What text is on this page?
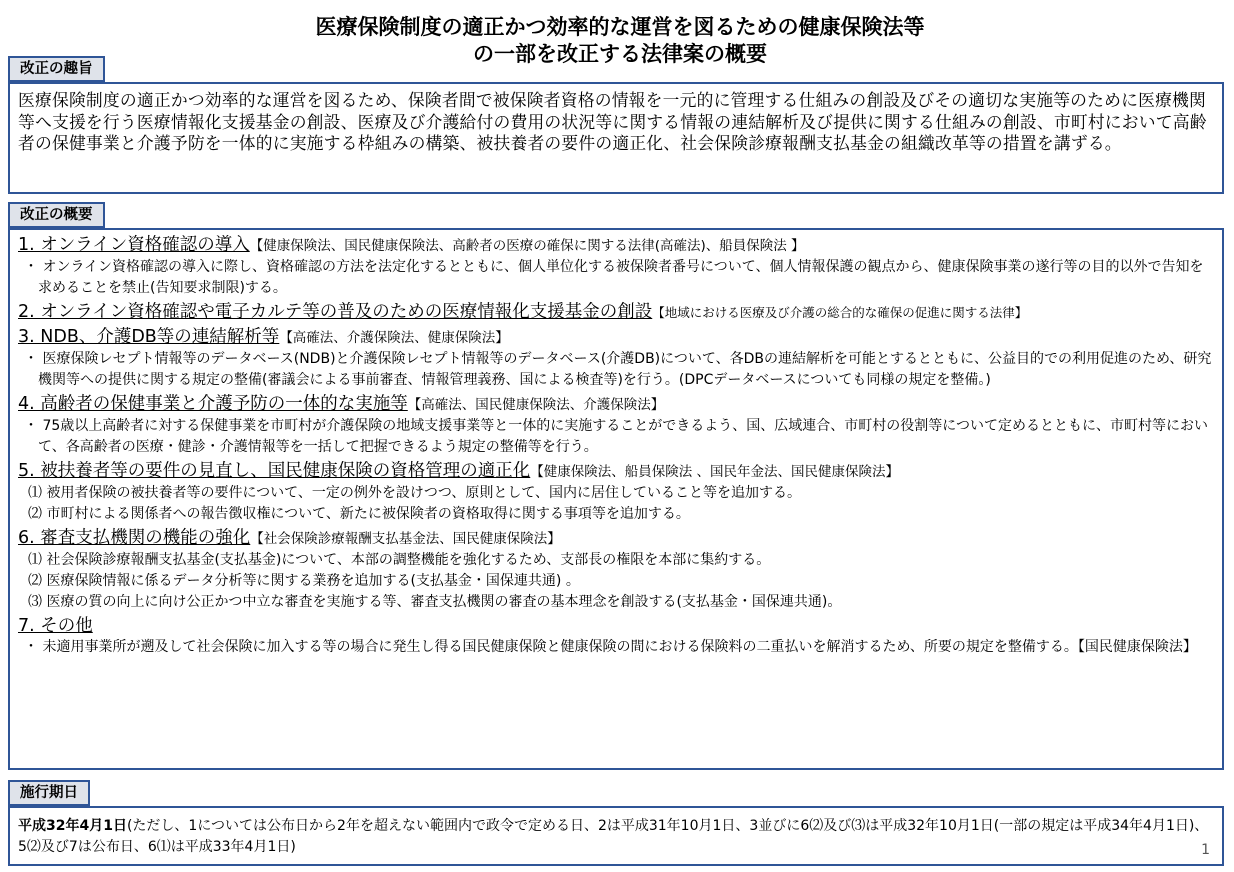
医療保険制度の適正かつ効率的な運営を図るための健康保険法等
の一部を改正する法律案の概要
改正の趣旨
医療保険制度の適正かつ効率的な運営を図るため、保険者間で被保険者資格の情報を一元的に管理する仕組みの創設及びその適切な実施等のために医療機関等へ支援を行う医療情報化支援基金の創設、医療及び介護給付の費用の状況等に関する情報の連結解析及び提供に関する仕組みの創設、市町村において高齢者の保健事業と介護予防を一体的に実施する枠組みの構築、被扶養者の要件の適正化、社会保険診療報酬支払基金の組織改革等の措置を講ずる。
改正の概要
1. オンライン資格確認の導入【健康保険法、国民健康保険法、高齢者の医療の確保に関する法律(高確法)、船員保険法 】
・ オンライン資格確認の導入に際し、資格確認の方法を法定化するとともに、個人単位化する被保険者番号について、個人情報保護の観点から、健康保険事業の遂行等の目的以外で告知を求めることを禁止(告知要求制限)する。
2. オンライン資格確認や電子カルテ等の普及のための医療情報化支援基金の創設【地域における医療及び介護の総合的な確保の促進に関する法律】
3. NDB、介護DB等の連結解析等【高確法、介護保険法、健康保険法】
・ 医療保険レセプト情報等のデータベース(NDB)と介護保険レセプト情報等のデータベース(介護DB)について、各DBの連結解析を可能とするとともに、公益目的での利用促進のため、研究機関等への提供に関する規定の整備(審議会による事前審査、情報管理義務、国による検査等)を行う。(DPCデータベースについても同様の規定を整備。)
4. 高齢者の保健事業と介護予防の一体的な実施等【高確法、国民健康保険法、介護保険法】
・ 75歳以上高齢者に対する保健事業を市町村が介護保険の地域支援事業等と一体的に実施することができるよう、国、広域連合、市町村の役割等について定めるとともに、市町村等において、各高齢者の医療・健診・介護情報等を一括して把握できるよう規定の整備等を行う。
5. 被扶養者等の要件の見直し、国民健康保険の資格管理の適正化【健康保険法、船員保険法 、国民年金法、国民健康保険法】
⑴ 被用者保険の被扶養者等の要件について、一定の例外を設けつつ、原則として、国内に居住していること等を追加する。
⑵ 市町村による関係者への報告徴収権について、新たに被保険者の資格取得に関する事項等を追加する。
6. 審査支払機関の機能の強化【社会保険診療報酬支払基金法、国民健康保険法】
⑴ 社会保険診療報酬支払基金(支払基金)について、本部の調整機能を強化するため、支部長の権限を本部に集約する。
⑵ 医療保険情報に係るデータ分析等に関する業務を追加する(支払基金・国保連共通) 。
⑶ 医療の質の向上に向け公正かつ中立な審査を実施する等、審査支払機関の審査の基本理念を創設する(支払基金・国保連共通)。
7. その他
・ 未適用事業所が遡及して社会保険に加入する等の場合に発生し得る国民健康保険と健康保険の間における保険料の二重払いを解消するため、所要の規定を整備する。【国民健康保険法】
施行期日
平成32年4月1日(ただし、1については公布日から2年を超えない範囲内で政令で定める日、2は平成31年10月1日、3並びに6⑵及び⑶は平成32年10月1日(一部の規定は平成34年4月1日)、5⑵及び7は公布日、6⑴は平成33年4月1日)	1
